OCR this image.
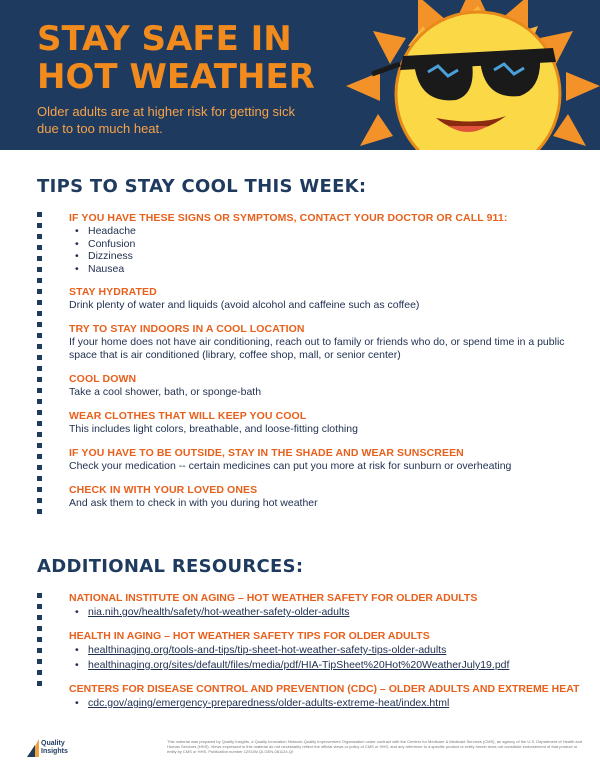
STAY SAFE IN
HOT WEATHER
Older adults are at higher risk for getting sick due to too much heat.
TIPS TO STAY COOL THIS WEEK:
IF YOU HAVE THESE SIGNS OR SYMPTOMS, CONTACT YOUR DOCTOR OR CALL 911:
• Headache
• Confusion
• Dizziness
• Nausea
STAY HYDRATED
Drink plenty of water and liquids (avoid alcohol and caffeine such as coffee)
TRY TO STAY INDOORS IN A COOL LOCATION
If your home does not have air conditioning, reach out to family or friends who do, or spend time in a public space that is air conditioned (library, coffee shop, mall, or senior center)
COOL DOWN
Take a cool shower, bath, or sponge-bath
WEAR CLOTHES THAT WILL KEEP YOU COOL
This includes light colors, breathable, and loose-fitting clothing
IF YOU HAVE TO BE OUTSIDE, STAY IN THE SHADE AND WEAR SUNSCREEN
Check your medication -- certain medicines can put you more at risk for sunburn or overheating
CHECK IN WITH YOUR LOVED ONES
And ask them to check in with you during hot weather
ADDITIONAL RESOURCES:
NATIONAL INSTITUTE ON AGING – HOT WEATHER SAFETY FOR OLDER ADULTS
• nia.nih.gov/health/safety/hot-weather-safety-older-adults
HEALTH IN AGING – HOT WEATHER SAFETY TIPS FOR OLDER ADULTS
• healthinaging.org/tools-and-tips/tip-sheet-hot-weather-safety-tips-older-adults
• healthinaging.org/sites/default/files/media/pdf/HIA-TipSheet%20Hot%20WeatherJuly19.pdf
CENTERS FOR DISEASE CONTROL AND PREVENTION (CDC) – OLDER ADULTS AND EXTREME HEAT
• cdc.gov/aging/emergency-preparedness/older-adults-extreme-heat/index.html
Quality Insights
This material was prepared by Quality Insights, a Quality Innovation Network-Quality Improvement Organization under contract with the Centers for Medicare & Medicaid Services (CMS), an agency of the U.S. Department of Health and Human Services (HHS). Views expressed in this material do not necessarily reflect the official views or policy of CMS or HHS, and any reference to a specific product or entity herein does not constitute endorsement of that product or entity by CMS or HHS. Publication number 12SOW-QI-GEN-081124-QI
